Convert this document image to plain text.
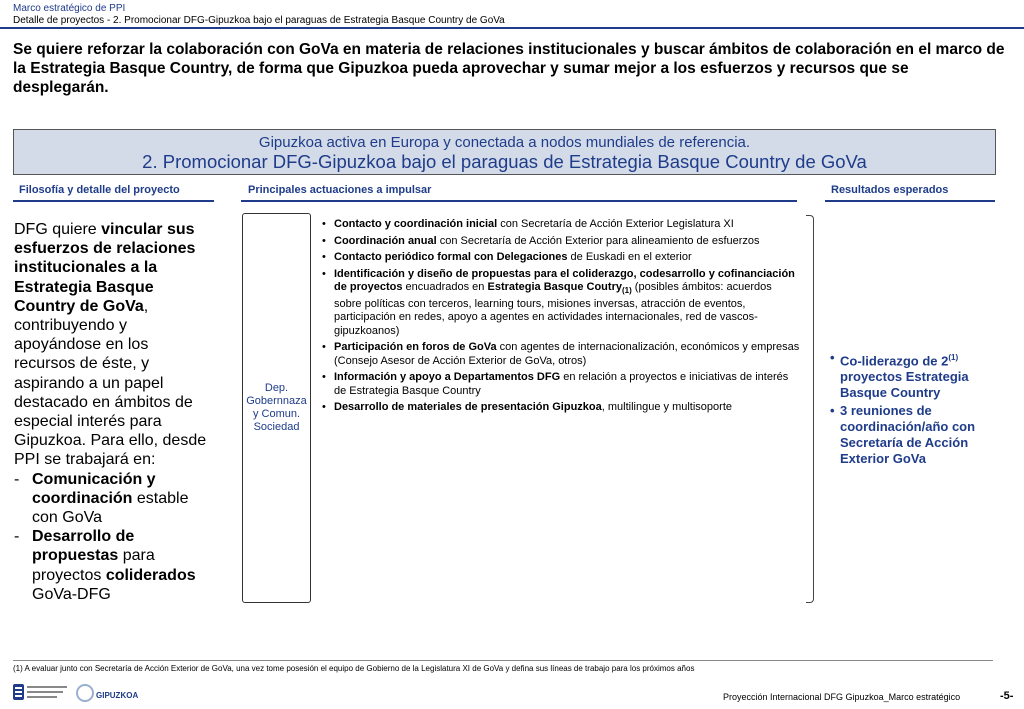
Marco estratégico de PPI
Detalle de proyectos - 2. Promocionar DFG-Gipuzkoa bajo el paraguas de Estrategia Basque Country de GoVa
Se quiere reforzar la colaboración con GoVa en materia de relaciones institucionales y buscar ámbitos de colaboración en el marco de la Estrategia Basque Country, de forma que Gipuzkoa pueda aprovechar y sumar mejor a los esfuerzos y recursos que se desplegarán.
Gipuzkoa activa en Europa y conectada a nodos mundiales de referencia.
2. Promocionar DFG-Gipuzkoa bajo el paraguas de Estrategia Basque Country de GoVa
Filosofía y detalle del proyecto	Principales actuaciones a impulsar	Resultados esperados
DFG quiere vincular sus esfuerzos de relaciones institucionales a la Estrategia Basque Country de GoVa, contribuyendo y apoyándose en los recursos de éste, y aspirando a un papel destacado en ámbitos de especial interés para Gipuzkoa. Para ello, desde PPI se trabajará en:
- Comunicación y coordinación estable con GoVa
- Desarrollo de propuestas para proyectos coliderados GoVa-DFG
Dep.
Gobernnaza
y Comun.
Sociedad
• Contacto y coordinación inicial con Secretaría de Acción Exterior Legislatura XI
• Coordinación anual con Secretaría de Acción Exterior para alineamiento de esfuerzos
• Contacto periódico formal con Delegaciones de Euskadi en el exterior
• Identificación y diseño de propuestas para el coliderazgo, codesarrollo y cofinanciación de proyectos encuadrados en Estrategia Basque Coutry$_{(1)}$ (posibles ámbitos: acuerdos sobre políticas con terceros, learning tours, misiones inversas, atracción de eventos, participación en redes, apoyo a agentes en actividades internacionales, red de vascos-gipuzkoanos)
• Participación en foros de GoVa con agentes de internacionalización, económicos y empresas (Consejo Asesor de Acción Exterior de GoVa, otros)
• Información y apoyo a Departamentos DFG en relación a proyectos e iniciativas de interés de Estrategia Basque Country
• Desarrollo de materiales de presentación Gipuzkoa, multilingue y multisoporte
• Co-liderazgo de 2$^{(1)}$ proyectos Estrategia Basque Country
• 3 reuniones de coordinación/año con Secretaría de Acción Exterior GoVa
(1) A evaluar junto con Secretaría de Acción Exterior de GoVa, una vez tome posesión el equipo de Gobierno de la Legislatura XI de GoVa y defina sus líneas de trabajo para los próximos años
GIPUZKOA	Proyección Internacional DFG Gipuzkoa_Marco estratégico	-5-
